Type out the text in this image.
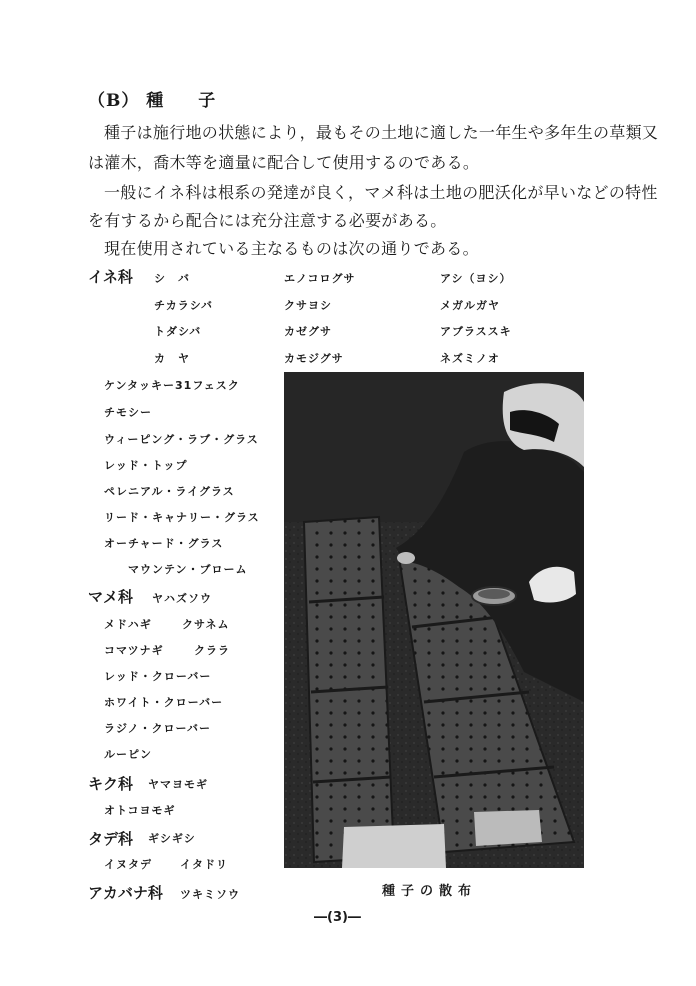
（B） 種 子
種子は施行地の状態により，最もその土地に適した一年生や多年生の草類又
は灌木，喬木等を適量に配合して使用するのである。
一般にイネ科は根系の発達が良く，マメ科は土地の肥沃化が早いなどの特性
を有するから配合には充分注意する必要がある。
現在使用されている主なるものは次の通りである。
イネ科 シ　バ	エノコログサ	アシ（ヨシ）
チカラシバ	クサヨシ	メガルガヤ
トダシバ	カゼグサ	アブラススキ
カ　ヤ	カモジグサ	ネズミノオ
ケンタッキー31フェスク
チモシー
ウィーピング・ラブ・グラス
レッド・トップ
ペレニアル・ライグラス
リード・キャナリー・グラス
オーチャード・グラス
マウンテン・ブローム
マメ科 ヤハズソウ
メドハギ	クサネム
コマツナギ	クララ
レッド・クローバー
ホワイト・クローバー
ラジノ・クローバー
ルーピン
キク科 ヤマヨモギ
オトコヨモギ
タデ科 ギシギシ
イヌタデ	イタドリ
アカバナ科 ツキミソウ	種子の散布
―(3)―
